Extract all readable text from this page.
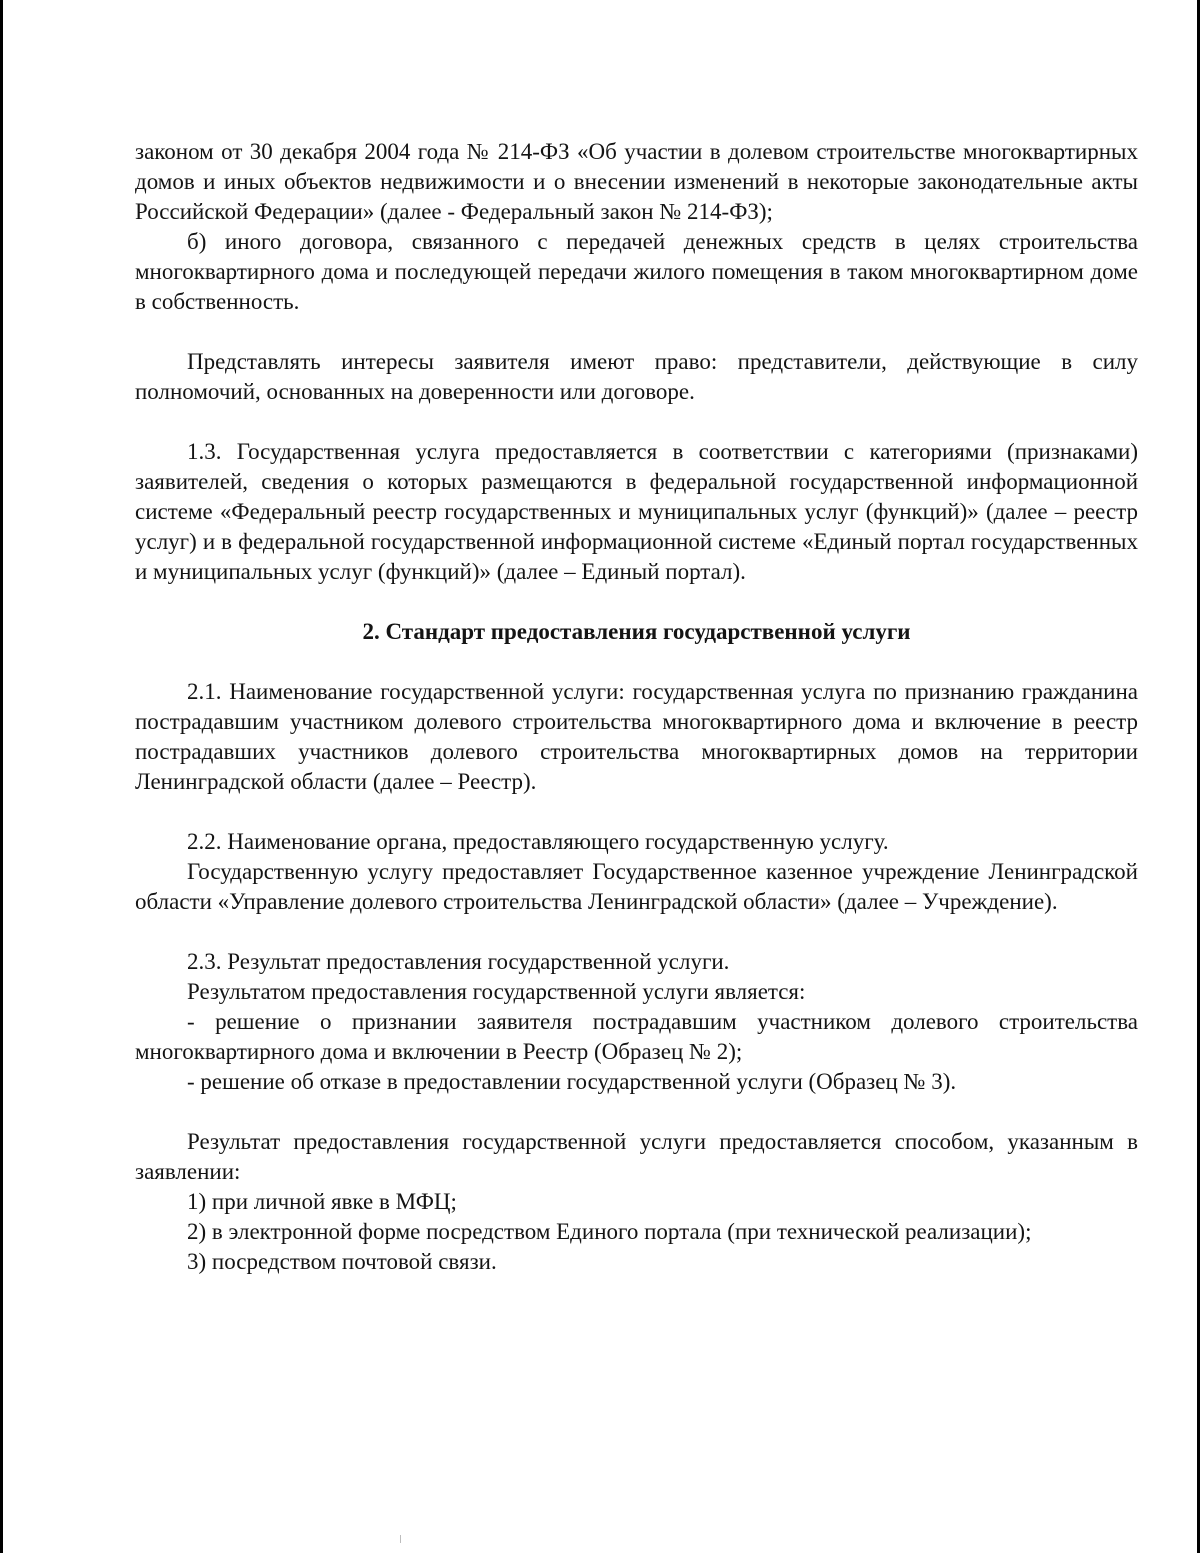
законом от 30 декабря 2004 года № 214-ФЗ «Об участии в долевом строительстве многоквартирных домов и иных объектов недвижимости и о внесении изменений в некоторые законодательные акты Российской Федерации» (далее - Федеральный закон № 214-ФЗ);

б) иного договора, связанного с передачей денежных средств в целях строительства многоквартирного дома и последующей передачи жилого помещения в таком многоквартирном доме в собственность.

Представлять интересы заявителя имеют право: представители, действующие в силу полномочий, основанных на доверенности или договоре.

1.3. Государственная услуга предоставляется в соответствии с категориями (признаками) заявителей, сведения о которых размещаются в федеральной государственной информационной системе «Федеральный реестр государственных и муниципальных услуг (функций)» (далее – реестр услуг) и в федеральной государственной информационной системе «Единый портал государственных и муниципальных услуг (функций)» (далее – Единый портал).

2. Стандарт предоставления государственной услуги

2.1. Наименование государственной услуги: государственная услуга по признанию гражданина пострадавшим участником долевого строительства многоквартирного дома и включение в реестр пострадавших участников долевого строительства многоквартирных домов на территории Ленинградской области (далее – Реестр).

2.2. Наименование органа, предоставляющего государственную услугу.

Государственную услугу предоставляет Государственное казенное учреждение Ленинградской области «Управление долевого строительства Ленинградской области» (далее – Учреждение).

2.3. Результат предоставления государственной услуги.

Результатом предоставления государственной услуги является:

- решение о признании заявителя пострадавшим участником долевого строительства многоквартирного дома и включении в Реестр (Образец № 2);

- решение об отказе в предоставлении государственной услуги (Образец № 3).

Результат предоставления государственной услуги предоставляется способом, указанным в заявлении:

1) при личной явке в МФЦ;

2) в электронной форме посредством Единого портала (при технической реализации);

3) посредством почтовой связи.
